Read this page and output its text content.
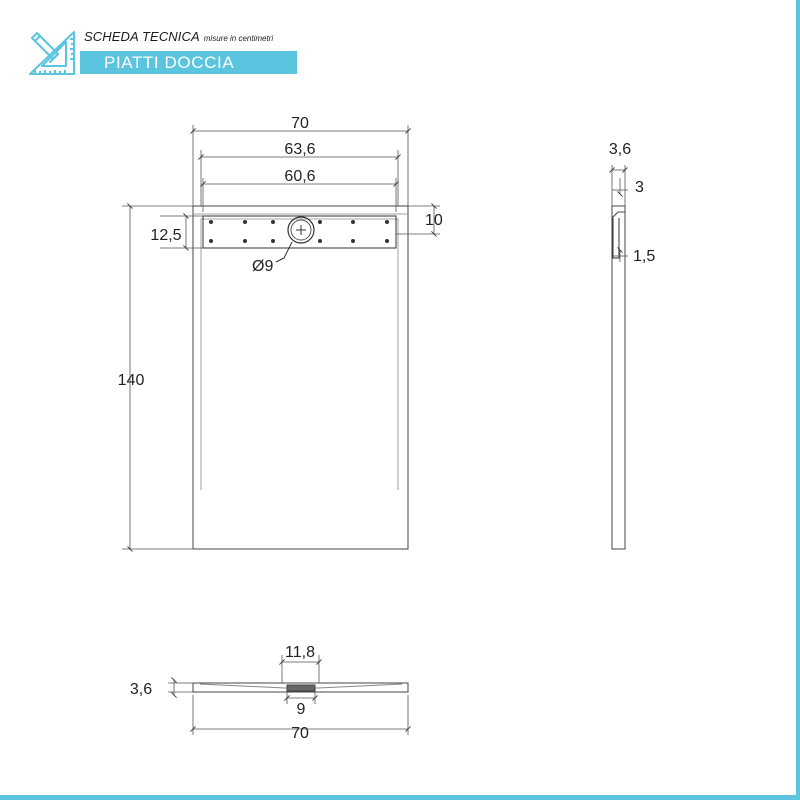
SCHEDA TECNICA misure in centimetri
PIATTI DOCCIA
70
63,6
60,6
140
12,5
10
Ø9
3,6
3
1,5
11,8
9
3,6
70
